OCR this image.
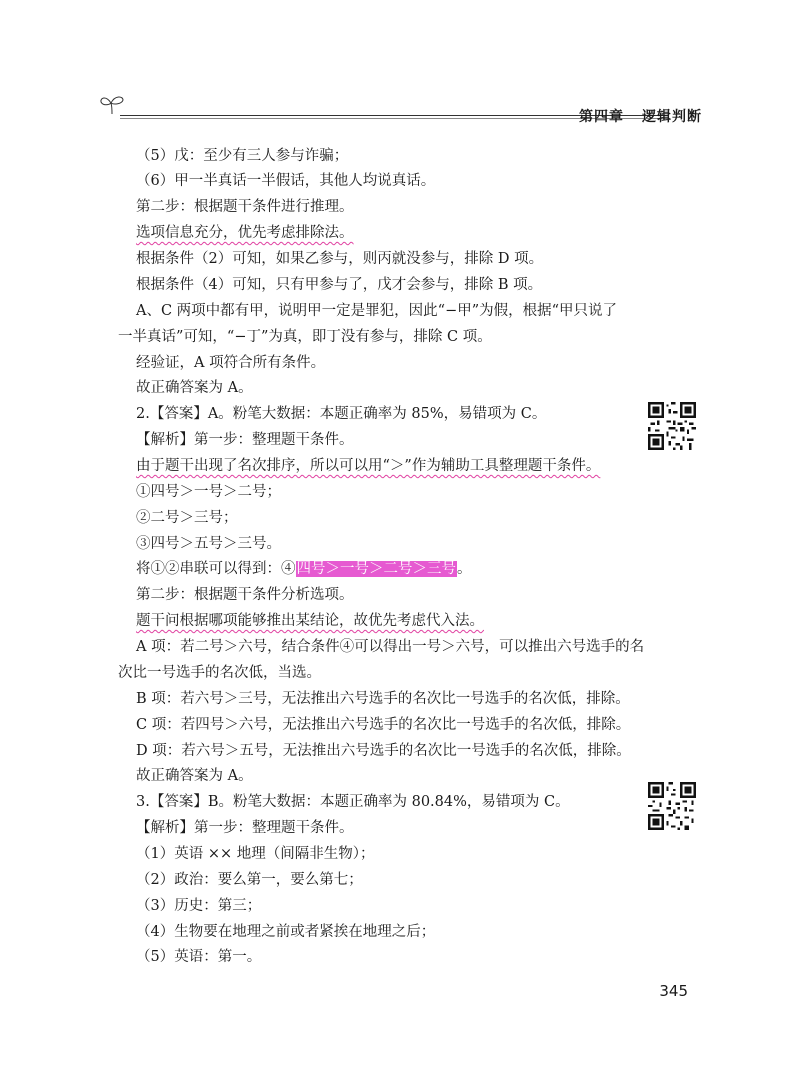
第四章 逻辑判断
（5）戊：至少有三人参与诈骗；
（6）甲一半真话一半假话，其他人均说真话。
第二步：根据题干条件进行推理。
选项信息充分，优先考虑排除法。
根据条件（2）可知，如果乙参与，则丙就没参与，排除 D 项。
根据条件（4）可知，只有甲参与了，戊才会参与，排除 B 项。
A、C 两项中都有甲，说明甲一定是罪犯，因此“−甲”为假，根据“甲只说了
一半真话”可知，“−丁”为真，即丁没有参与，排除 C 项。
经验证，A 项符合所有条件。
故正确答案为 A。
2.【答案】A。粉笔大数据：本题正确率为 85%，易错项为 C。
【解析】第一步：整理题干条件。
由于题干出现了名次排序，所以可以用“＞”作为辅助工具整理题干条件。
①四号＞一号＞二号；
②二号＞三号；
③四号＞五号＞三号。
将①②串联可以得到：④四号＞一号＞二号＞三号。
第二步：根据题干条件分析选项。
题干问根据哪项能够推出某结论，故优先考虑代入法。
A 项：若二号＞六号，结合条件④可以得出一号＞六号，可以推出六号选手的名
次比一号选手的名次低，当选。
B 项：若六号＞三号，无法推出六号选手的名次比一号选手的名次低，排除。
C 项：若四号＞六号，无法推出六号选手的名次比一号选手的名次低，排除。
D 项：若六号＞五号，无法推出六号选手的名次比一号选手的名次低，排除。
故正确答案为 A。
3.【答案】B。粉笔大数据：本题正确率为 80.84%，易错项为 C。
【解析】第一步：整理题干条件。
（1）英语 ×× 地理（间隔非生物）；
（2）政治：要么第一，要么第七；
（3）历史：第三；
（4）生物要在地理之前或者紧挨在地理之后；
（5）英语：第一。
345
